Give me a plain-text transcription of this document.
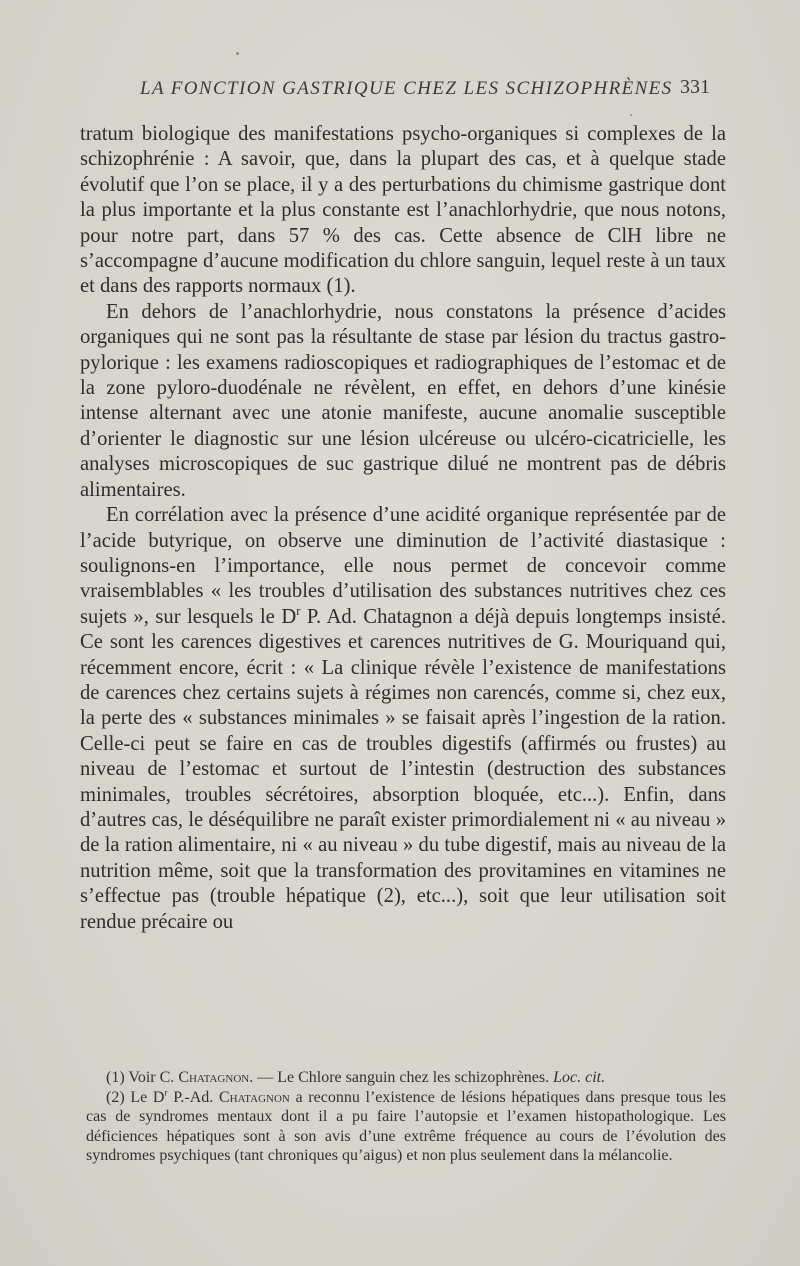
LA FONCTION GASTRIQUE CHEZ LES SCHIZOPHRÈNES 331

tratum biologique des manifestations psycho-organiques si complexes de la schizophrénie : A savoir, que, dans la plupart des cas, et à quelque stade évolutif que l’on se place, il y a des perturbations du chimisme gastrique dont la plus importante et la plus constante est l’anachlorhydrie, que nous notons, pour notre part, dans 57 % des cas. Cette absence de ClH libre ne s’accompagne d’aucune modification du chlore sanguin, lequel reste à un taux et dans des rapports normaux (1).

En dehors de l’anachlorhydrie, nous constatons la présence d’acides organiques qui ne sont pas la résultante de stase par lésion du tractus gastro-pylorique : les examens radioscopiques et radiographiques de l’estomac et de la zone pyloro-duodénale ne révèlent, en effet, en dehors d’une kinésie intense alternant avec une atonie manifeste, aucune anomalie susceptible d’orienter le diagnostic sur une lésion ulcéreuse ou ulcéro-cicatricielle, les analyses microscopiques de suc gastrique dilué ne montrent pas de débris alimentaires.

En corrélation avec la présence d’une acidité organique représentée par de l’acide butyrique, on observe une diminution de l’activité diastasique : soulignons-en l’importance, elle nous permet de concevoir comme vraisemblables « les troubles d’utilisation des substances nutritives chez ces sujets », sur lesquels le $D^r$ P. Ad. Chatagnon a déjà depuis longtemps insisté. Ce sont les carences digestives et carences nutritives de G. Mouriquand qui, récemment encore, écrit : « La clinique révèle l’existence de manifestations de carences chez certains sujets à régimes non carencés, comme si, chez eux, la perte des « substances minimales » se faisait après l’ingestion de la ration. Celle-ci peut se faire en cas de troubles digestifs (affirmés ou frustes) au niveau de l’estomac et surtout de l’intestin (destruction des substances minimales, troubles sécrétoires, absorption bloquée, etc...). Enfin, dans d’autres cas, le déséquilibre ne paraît exister primordialement ni « au niveau » de la ration alimentaire, ni « au niveau » du tube digestif, mais au niveau de la nutrition même, soit que la transformation des provitamines en vitamines ne s’effectue pas (trouble hépatique (2), etc...), soit que leur utilisation soit rendue précaire ou

(1) Voir C. Chatagnon. — Le Chlore sanguin chez les schizophrènes. Loc. cit.

(2) Le $D^r$ P.-Ad. Chatagnon a reconnu l’existence de lésions hépatiques dans presque tous les cas de syndromes mentaux dont il a pu faire l’autopsie et l’examen histopathologique. Les déficiences hépatiques sont à son avis d’une extrême fréquence au cours de l’évolution des syndromes psychiques (tant chroniques qu’aigus) et non plus seulement dans la mélancolie.
